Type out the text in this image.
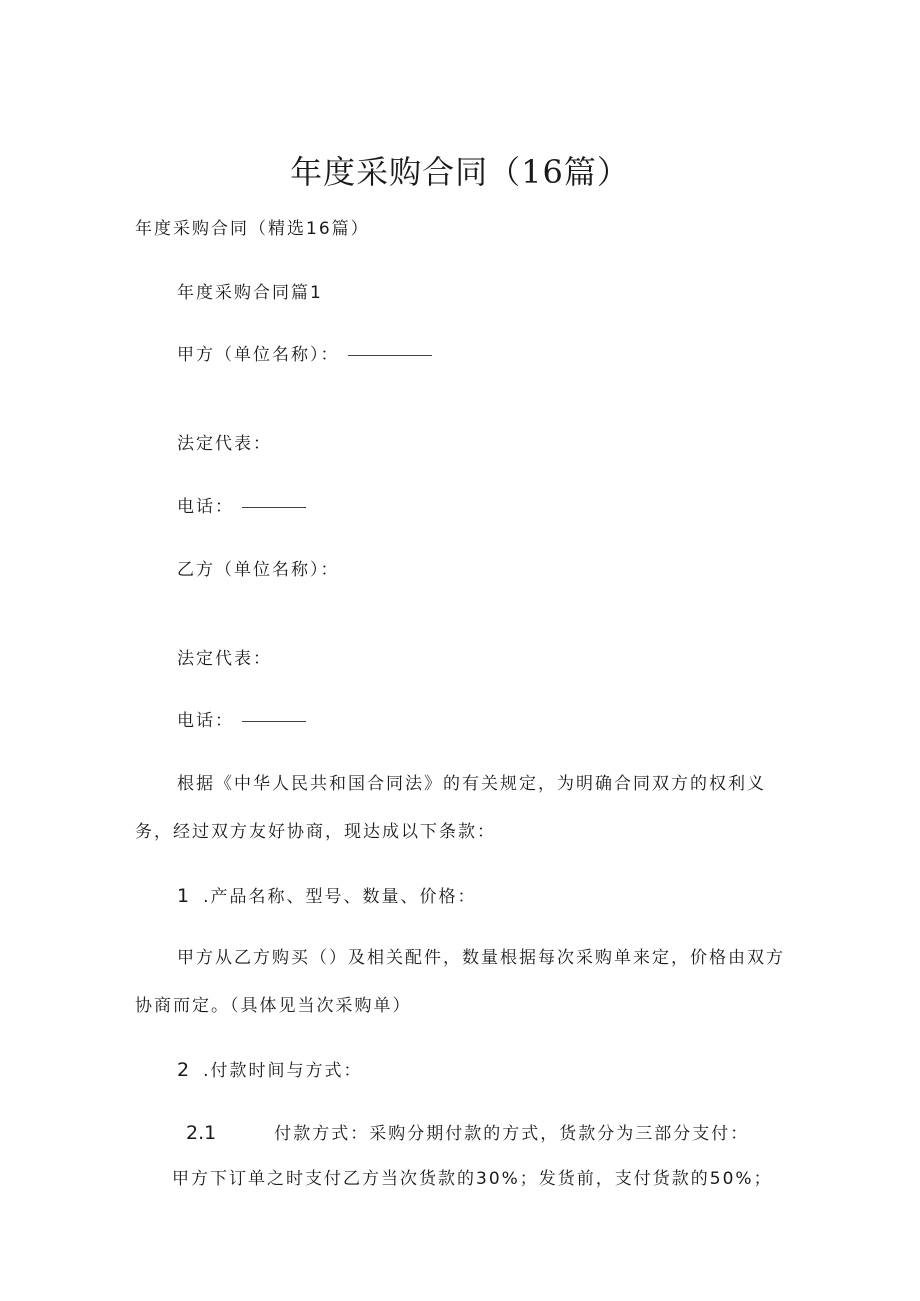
年度采购合同（16篇）
年度采购合同（精选16篇）
年度采购合同篇1
甲方（单位名称）：
法定代表：
电话：
乙方（单位名称）：
法定代表：
电话：
根据《中华人民共和国合同法》的有关规定，为明确合同双方的权利义
务，经过双方友好协商，现达成以下条款：
1 .产品名称、型号、数量、价格：
甲方从乙方购买（）及相关配件，数量根据每次采购单来定，价格由双方
协商而定。（具体见当次采购单）
2 .付款时间与方式：
2.1	付款方式：采购分期付款的方式，货款分为三部分支付：
甲方下订单之时支付乙方当次货款的30%；发货前，支付货款的50%；
